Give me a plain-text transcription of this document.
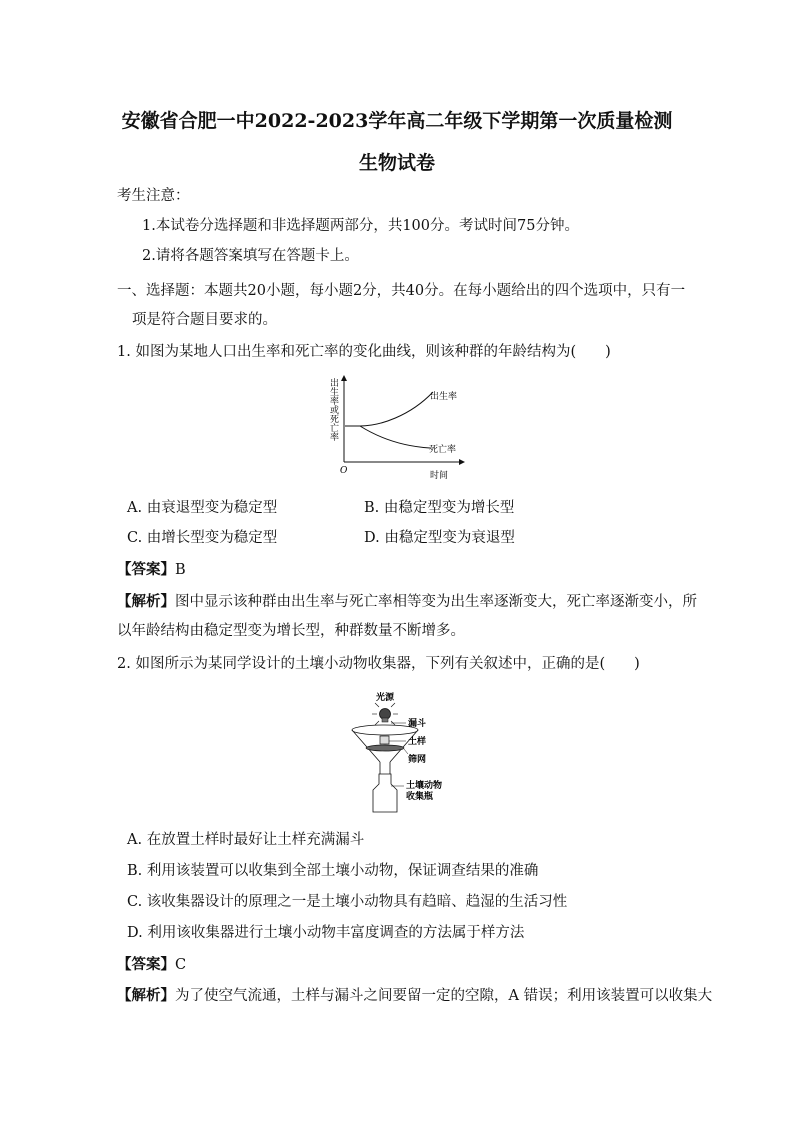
安徽省合肥一中2022-2023学年高二年级下学期第一次质量检测
生物试卷
考生注意：
1.本试卷分选择题和非选择题两部分，共100分。考试时间75分钟。
2.请将各题答案填写在答题卡上。
一、选择题：本题共20小题，每小题2分，共40分。在每小题给出的四个选项中，只有一
项是符合题目要求的。
1. 如图为某地人口出生率和死亡率的变化曲线，则该种群的年龄结构为(　　)
出生率或死亡率
时间
O
出生率
死亡率
A. 由衰退型变为稳定型	B. 由稳定型变为增长型
C. 由增长型变为稳定型	D. 由稳定型变为衰退型
【答案】B
【解析】图中显示该种群由出生率与死亡率相等变为出生率逐渐变大，死亡率逐渐变小，所
以年龄结构由稳定型变为增长型，种群数量不断增多。
2. 如图所示为某同学设计的土壤小动物收集器，下列有关叙述中，正确的是(　　)
光源
漏斗
土样
筛网
土壤动物
收集瓶
A. 在放置土样时最好让土样充满漏斗
B. 利用该装置可以收集到全部土壤小动物，保证调查结果的准确
C. 该收集器设计的原理之一是土壤小动物具有趋暗、趋湿的生活习性
D. 利用该收集器进行土壤小动物丰富度调查的方法属于样方法
【答案】C
【解析】为了使空气流通，土样与漏斗之间要留一定的空隙，A 错误；利用该装置可以收集大
